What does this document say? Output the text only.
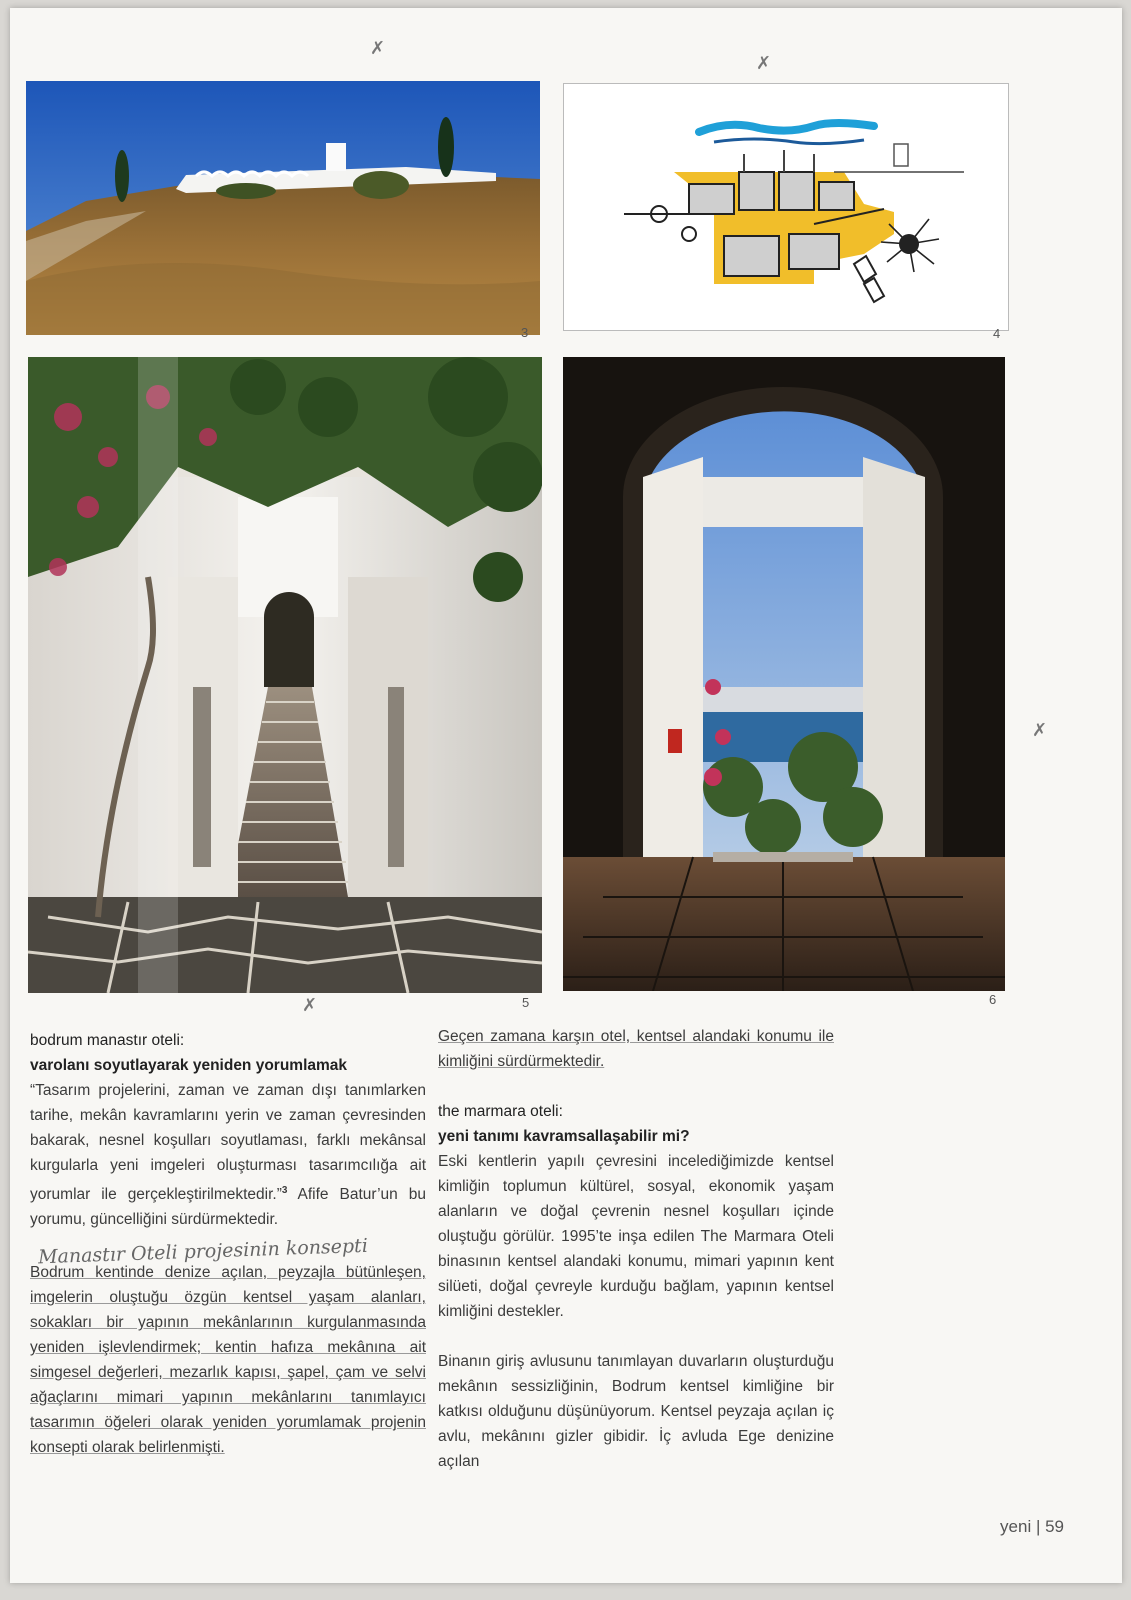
3	4
5	6
✗
✗
✗
✗

bodrum manastır oteli:

varolanı soyutlayarak yeniden yorumlamak

“Tasarım projelerini, zaman ve zaman dışı tanımlarken tarihe, mekân kavramlarını yerin ve zaman çevresinden bakarak, nesnel koşulları soyutlaması, farklı mekânsal kurgularla yeni imgeleri oluşturması tasarımcılığa ait yorumlar ile gerçekleştirilmektedir.”$^3$ Afife Batur’un bu yorumu, güncelliğini sürdürmektedir.

Bodrum kentinde denize açılan, peyzajla bütünleşen, imgelerin oluştuğu özgün kentsel yaşam alanları, sokakları bir yapının mekânlarının kurgulanmasında yeniden işlevlendirmek; kentin hafıza mekânına ait simgesel değerleri, mezarlık kapısı, şapel, çam ve selvi ağaçlarını mimari yapının mekânlarını tanımlayıcı tasarımın öğeleri olarak yeniden yorumlamak projenin konsepti olarak belirlenmişti.

Manastır Oteli projesinin konsepti

Geçen zamana karşın otel, kentsel alandaki konumu ile kimliğini sürdürmektedir.

the marmara oteli:

yeni tanımı kavramsallaşabilir mi?

Eski kentlerin yapılı çevresini incelediğimizde kentsel kimliğin toplumun kültürel, sosyal, ekonomik yaşam alanların ve doğal çevrenin nesnel koşulları içinde oluştuğu görülür. 1995’te inşa edilen The Marmara Oteli binasının kentsel alandaki konumu, mimari yapının kent silüeti, doğal çevreyle kurduğu bağlam, yapının kentsel kimliğini destekler.

Binanın giriş avlusunu tanımlayan duvarların oluşturduğu mekânın sessizliğinin, Bodrum kentsel kimliğine bir katkısı olduğunu düşünüyorum. Kentsel peyzaja açılan iç avlu, mekânını gizler gibidir. İç avluda Ege denizine açılan

yeni | 59
